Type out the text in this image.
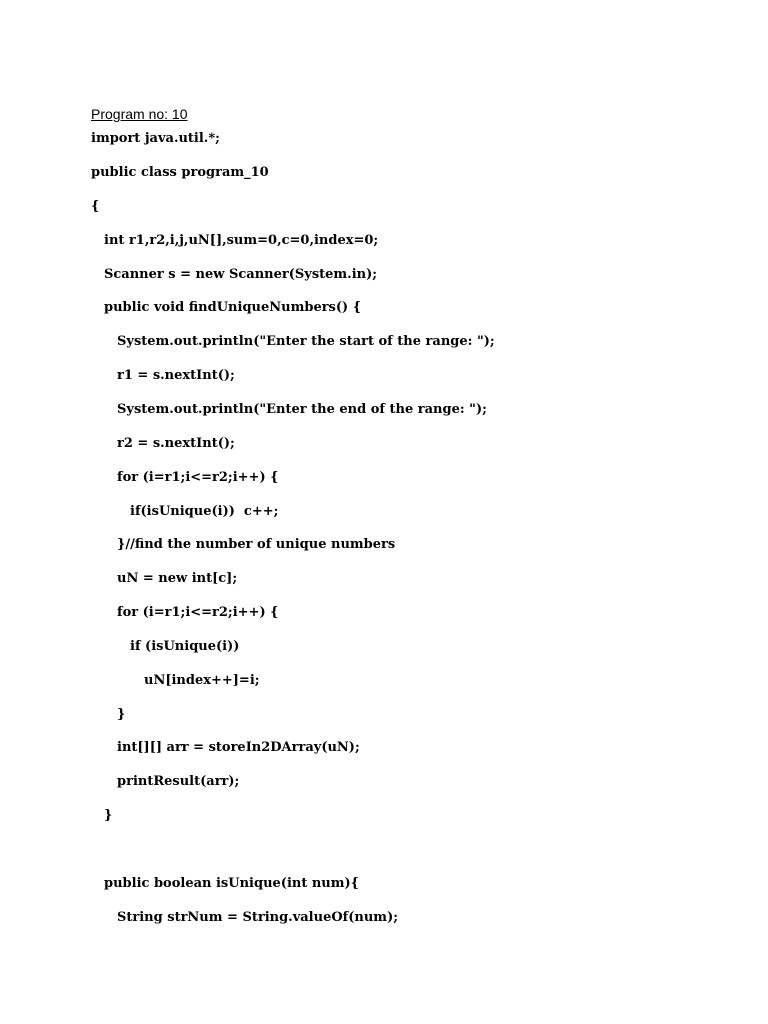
Program no: 10
import java.util.*;
public class program_10
{
int r1,r2,i,j,uN[],sum=0,c=0,index=0;
Scanner s = new Scanner(System.in);
public void findUniqueNumbers() {
System.out.println("Enter the start of the range: ");
r1 = s.nextInt();
System.out.println("Enter the end of the range: ");
r2 = s.nextInt();
for (i=r1;i<=r2;i++) {
if(isUnique(i))  c++;
}//find the number of unique numbers
uN = new int[c];
for (i=r1;i<=r2;i++) {
if (isUnique(i))
uN[index++]=i;
}
int[][] arr = storeIn2DArray(uN);
printResult(arr);
}
public boolean isUnique(int num){
String strNum = String.valueOf(num);
